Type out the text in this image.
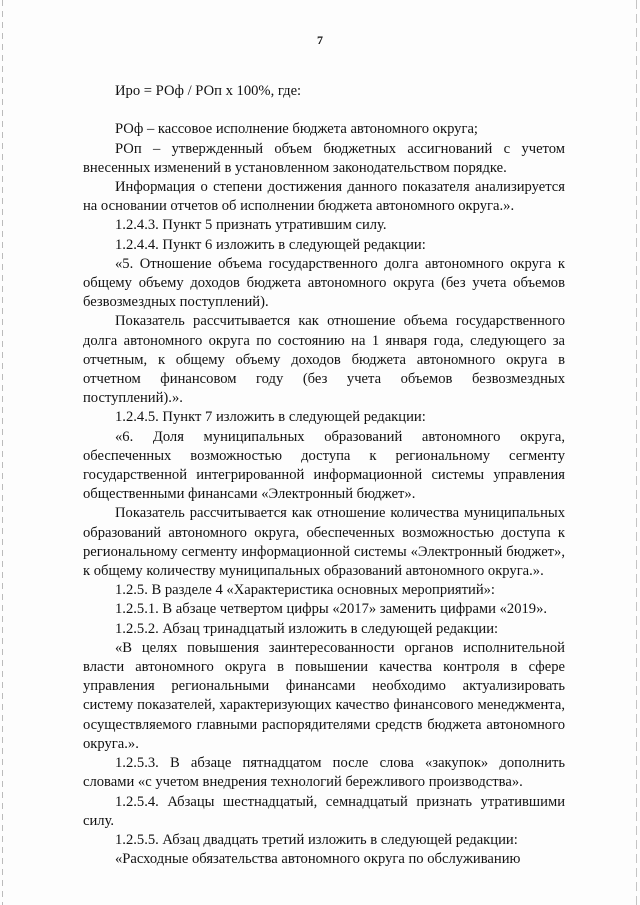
7

Иро = РОф / РОп х 100%, где:

РОф – кассовое исполнение бюджета автономного округа;

РОп – утвержденный объем бюджетных ассигнований с учетом внесенных изменений в установленном законодательством порядке.

Информация о степени достижения данного показателя анализируется на основании отчетов об исполнении бюджета автономного округа.».

1.2.4.3. Пункт 5 признать утратившим силу.

1.2.4.4. Пункт 6 изложить в следующей редакции:

«5. Отношение объема государственного долга автономного округа к общему объему доходов бюджета автономного округа (без учета объемов безвозмездных поступлений).

Показатель рассчитывается как отношение объема государственного долга автономного округа по состоянию на 1 января года, следующего за отчетным, к общему объему доходов бюджета автономного округа в отчетном финансовом году (без учета объемов безвозмездных поступлений).».

1.2.4.5. Пункт 7 изложить в следующей редакции:

«6. Доля муниципальных образований автономного округа, обеспеченных возможностью доступа к региональному сегменту государственной интегрированной информационной системы управления общественными финансами «Электронный бюджет».

Показатель рассчитывается как отношение количества муниципальных образований автономного округа, обеспеченных возможностью доступа к региональному сегменту информационной системы «Электронный бюджет», к общему количеству муниципальных образований автономного округа.».

1.2.5. В разделе 4 «Характеристика основных мероприятий»:

1.2.5.1. В абзаце четвертом цифры «2017» заменить цифрами «2019».

1.2.5.2. Абзац тринадцатый изложить в следующей редакции:

«В целях повышения заинтересованности органов исполнительной власти автономного округа в повышении качества контроля в сфере управления региональными финансами необходимо актуализировать систему показателей, характеризующих качество финансового менеджмента, осуществляемого главными распорядителями средств бюджета автономного округа.».

1.2.5.3. В абзаце пятнадцатом после слова «закупок» дополнить словами «с учетом внедрения технологий бережливого производства».

1.2.5.4. Абзацы шестнадцатый, семнадцатый признать утратившими силу.

1.2.5.5. Абзац двадцать третий изложить в следующей редакции:

«Расходные обязательства автономного округа по обслуживанию
